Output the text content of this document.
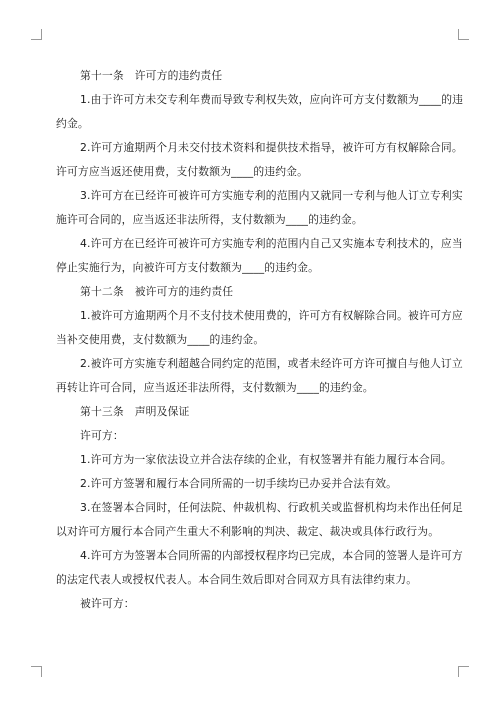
第十一条　许可方的违约责任
1.由于许可方未交专利年费而导致专利权失效，应向许可方支付数额为____的违
约金。
2.许可方逾期两个月未交付技术资料和提供技术指导，被许可方有权解除合同。
许可方应当返还使用费，支付数额为____的违约金。
3.许可方在已经许可被许可方实施专利的范围内又就同一专利与他人订立专利实
施许可合同的，应当返还非法所得，支付数额为____的违约金。
4.许可方在已经许可被许可方实施专利的范围内自己又实施本专利技术的，应当
停止实施行为，向被许可方支付数额为____的违约金。
第十二条　被许可方的违约责任
1.被许可方逾期两个月不支付技术使用费的，许可方有权解除合同。被许可方应
当补交使用费，支付数额为____的违约金。
2.被许可方实施专利超越合同约定的范围，或者未经许可方许可擅自与他人订立
再转让许可合同，应当返还非法所得，支付数额为____的违约金。
第十三条　声明及保证
许可方：
1.许可方为一家依法设立并合法存续的企业，有权签署并有能力履行本合同。
2.许可方签署和履行本合同所需的一切手续均已办妥并合法有效。
3.在签署本合同时，任何法院、仲裁机构、行政机关或监督机构均未作出任何足
以对许可方履行本合同产生重大不利影响的判决、裁定、裁决或具体行政行为。
4.许可方为签署本合同所需的内部授权程序均已完成，本合同的签署人是许可方
的法定代表人或授权代表人。本合同生效后即对合同双方具有法律约束力。
被许可方：
